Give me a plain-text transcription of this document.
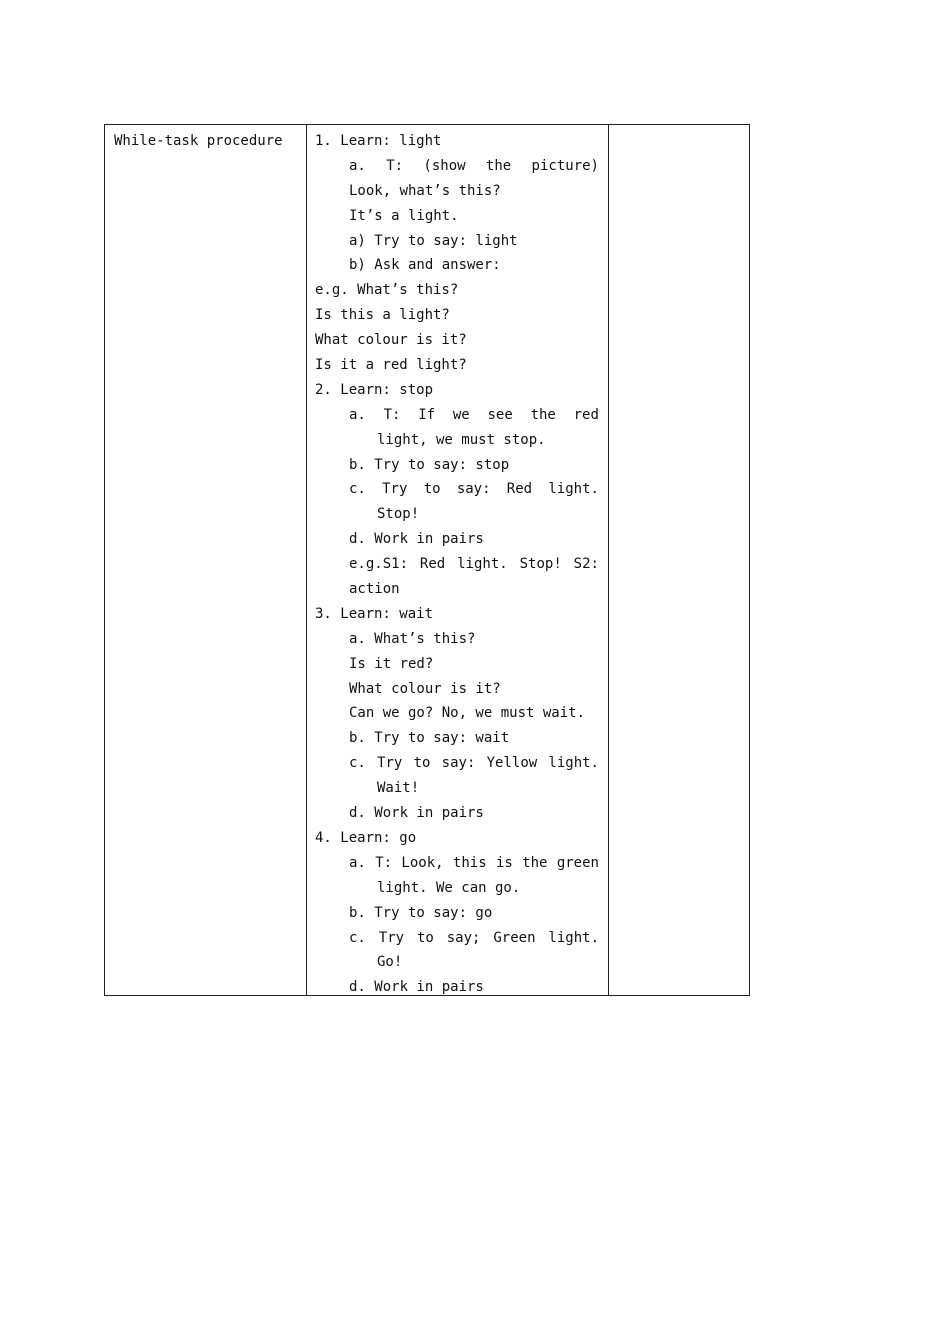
While-task procedure 1. Learn: light
a. T: (show the picture)
Look, what’s this?
It’s a light.
a) Try to say: light
b) Ask and answer:
e.g. What’s this?
Is this a light?
What colour is it?
Is it a red light?
2. Learn: stop
a. T: If we see the red
light, we must stop.
b. Try to say: stop
c. Try to say: Red light.
Stop!
d. Work in pairs
e.g.S1: Red light. Stop! S2:
action
3. Learn: wait
a. What’s this?
Is it red?
What colour is it?
Can we go? No, we must wait.
b. Try to say: wait
c. Try to say: Yellow light.
Wait!
d. Work in pairs
4. Learn: go
a. T: Look, this is the green
light. We can go.
b. Try to say: go
c. Try to say; Green light.
Go!
d. Work in pairs
